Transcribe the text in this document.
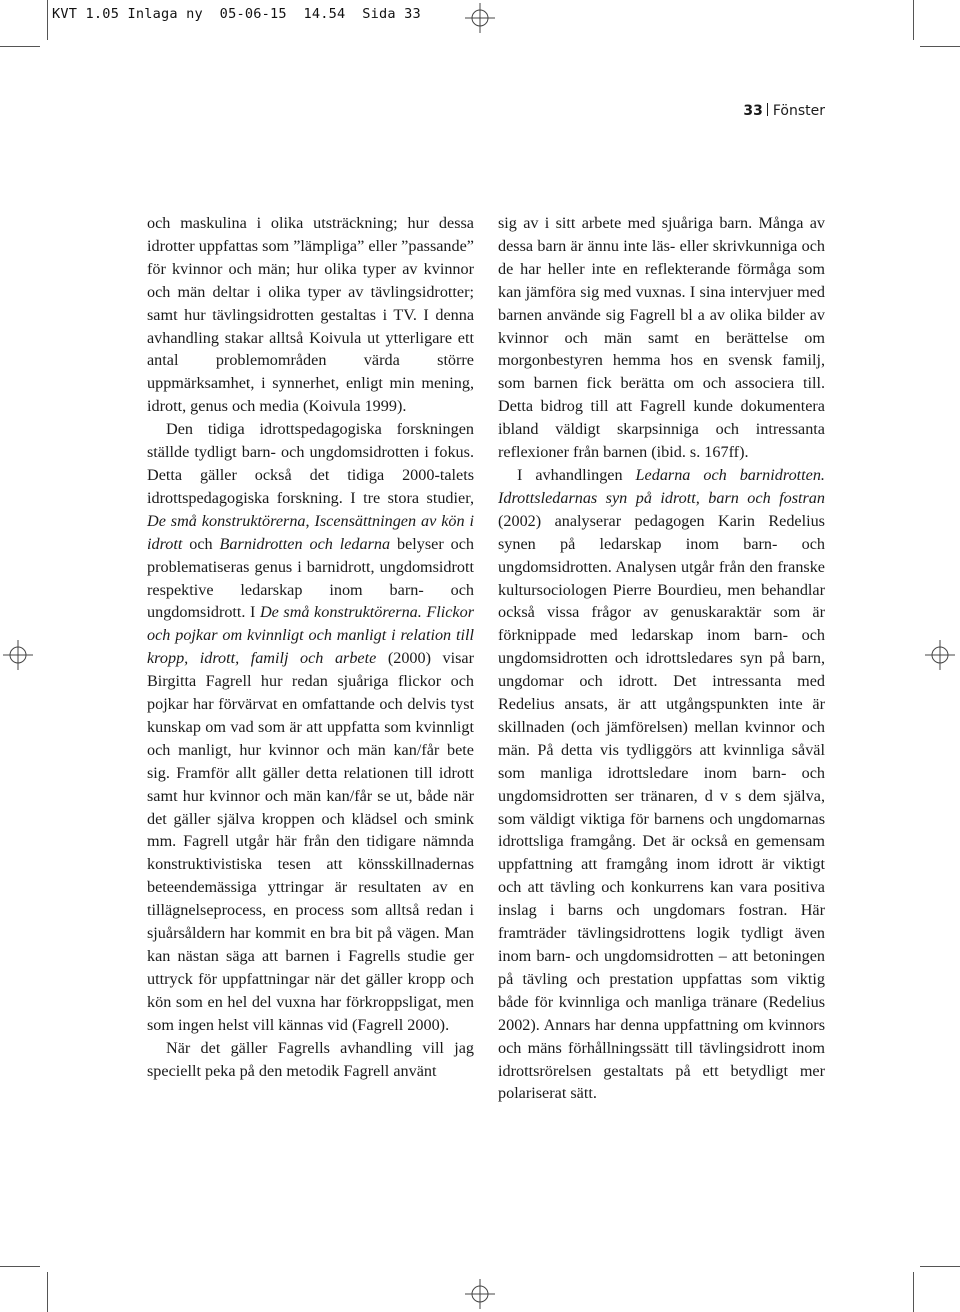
KVT 1.05 Inlaga ny  05-06-15  14.54  Sida 33
33 Fönster

och maskulina i olika utsträckning; hur dessa idrotter uppfattas som ”lämpliga” eller ”passande” för kvinnor och män; hur olika typer av kvinnor och män deltar i olika typer av tävlingsidrotter; samt hur tävlingsidrotten gestaltas i TV. I denna avhandling stakar alltså Koivula ut ytterligare ett antal problemområden värda större uppmärksamhet, i synnerhet, enligt min mening, idrott, genus och media (Koivula 1999).

Den tidiga idrottspedagogiska forskningen ställde tydligt barn- och ungdomsidrotten i fokus. Detta gäller också det tidiga 2000-talets idrottspedagogiska forskning. I tre stora studier, De små konstruktörerna, Iscensättningen av kön i idrott och Barnidrotten och ledarna belyser och problematiseras genus i barnidrott, ungdomsidrott respektive ledarskap inom barn- och ungdomsidrott. I De små konstruktörerna. Flickor och pojkar om kvinnligt och manligt i relation till kropp, idrott, familj och arbete (2000) visar Birgitta Fagrell hur redan sjuåriga flickor och pojkar har förvärvat en omfattande och delvis tyst kunskap om vad som är att uppfatta som kvinnligt och manligt, hur kvinnor och män kan/får bete sig. Framför allt gäller detta relationen till idrott samt hur kvinnor och män kan/får se ut, både när det gäller själva kroppen och klädsel och smink mm. Fagrell utgår här från den tidigare nämnda konstruktivistiska tesen att könsskillnadernas beteendemässiga yttringar är resultaten av en tillägnelseprocess, en process som alltså redan i sjuårsåldern har kommit en bra bit på vägen. Man kan nästan säga att barnen i Fagrells studie ger uttryck för uppfattningar när det gäller kropp och kön som en hel del vuxna har förkroppsligat, men som ingen helst vill kännas vid (Fagrell 2000).

När det gäller Fagrells avhandling vill jag speciellt peka på den metodik Fagrell använt

sig av i sitt arbete med sjuåriga barn. Många av dessa barn är ännu inte läs- eller skrivkunniga och de har heller inte en reflekterande förmåga som kan jämföra sig med vuxnas. I sina intervjuer med barnen använde sig Fagrell bl a av olika bilder av kvinnor och män samt en berättelse om morgonbestyren hemma hos en svensk familj, som barnen fick berätta om och associera till. Detta bidrog till att Fagrell kunde dokumentera ibland väldigt skarpsinniga och intressanta reflexioner från barnen (ibid. s. 167ff).

I avhandlingen Ledarna och barnidrotten. Idrottsledarnas syn på idrott, barn och fostran (2002) analyserar pedagogen Karin Redelius synen på ledarskap inom barn- och ungdomsidrotten. Analysen utgår från den franske kultursociologen Pierre Bourdieu, men behandlar också vissa frågor av genuskaraktär som är förknippade med ledarskap inom barn- och ungdomsidrotten och idrottsledares syn på barn, ungdomar och idrott. Det intressanta med Redelius ansats, är att utgångspunkten inte är skillnaden (och jämförelsen) mellan kvinnor och män. På detta vis tydliggörs att kvinnliga såväl som manliga idrottsledare inom barn- och ungdomsidrotten ser tränaren, d v s dem själva, som väldigt viktiga för barnens och ungdomarnas idrottsliga framgång. Det är också en gemensam uppfattning att framgång inom idrott är viktigt och att tävling och konkurrens kan vara positiva inslag i barns och ungdomars fostran. Här framträder tävlingsidrottens logik tydligt även inom barn- och ungdomsidrotten – att betoningen på tävling och prestation uppfattas som viktig både för kvinnliga och manliga tränare (Redelius 2002). Annars har denna uppfattning om kvinnors och mäns förhållningssätt till tävlingsidrott inom idrottsrörelsen gestaltats på ett betydligt mer polariserat sätt.
